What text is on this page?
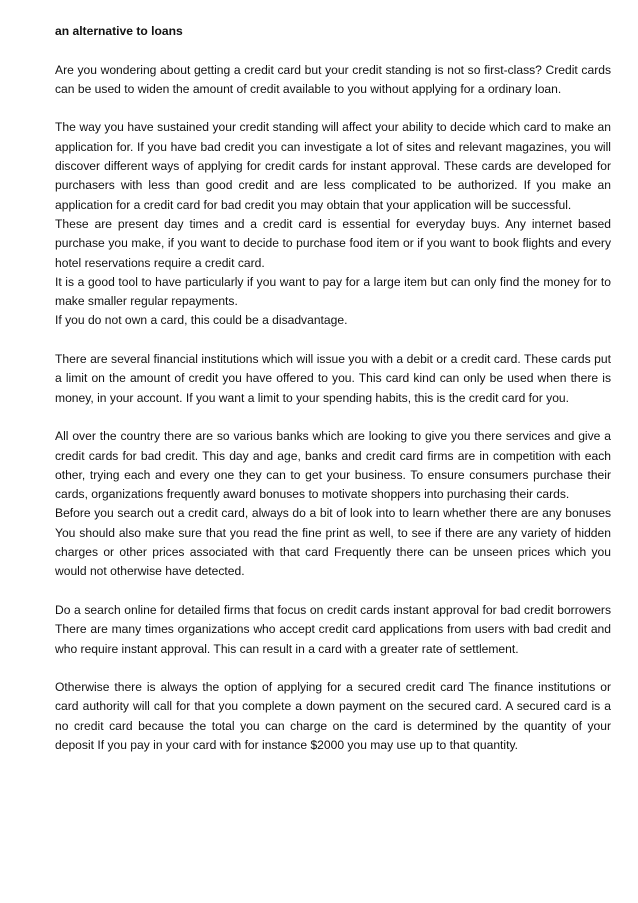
an alternative to loans

Are you wondering about getting a credit card but your credit standing is not so first-class? Credit cards can be used to widen the amount of credit available to you without applying for a ordinary loan.

The way you have sustained your credit standing will affect your ability to decide which card to make an application for. If you have bad credit you can investigate a lot of sites and relevant magazines, you will discover different ways of applying for credit cards for instant approval. These cards are developed for purchasers with less than good credit and are less complicated to be authorized. If you make an application for a credit card for bad credit you may obtain that your application will be successful.

These are present day times and a credit card is essential for everyday buys. Any internet based purchase you make, if you want to decide to purchase food item or if you want to book flights and every hotel reservations require a credit card.

It is a good tool to have particularly if you want to pay for a large item but can only find the money for to make smaller regular repayments.

If you do not own a card, this could be a disadvantage.

There are several financial institutions which will issue you with a debit or a credit card. These cards put a limit on the amount of credit you have offered to you. This card kind can only be used when there is money, in your account. If you want a limit to your spending habits, this is the credit card for you.

All over the country there are so various banks which are looking to give you there services and give a credit cards for bad credit. This day and age, banks and credit card firms are in competition with each other, trying each and every one they can to get your business. To ensure consumers purchase their cards, organizations frequently award bonuses to motivate shoppers into purchasing their cards.

Before you search out a credit card, always do a bit of look into to learn whether there are any bonuses You should also make sure that you read the fine print as well, to see if there are any variety of hidden charges or other prices associated with that card Frequently there can be unseen prices which you would not otherwise have detected.

Do a search online for detailed firms that focus on credit cards instant approval for bad credit borrowers There are many times organizations who accept credit card applications from users with bad credit and who require instant approval. This can result in a card with a greater rate of settlement.

Otherwise there is always the option of applying for a secured credit card The finance institutions or card authority will call for that you complete a down payment on the secured card. A secured card is a no credit card because the total you can charge on the card is determined by the quantity of your deposit If you pay in your card with for instance $2000 you may use up to that quantity.
